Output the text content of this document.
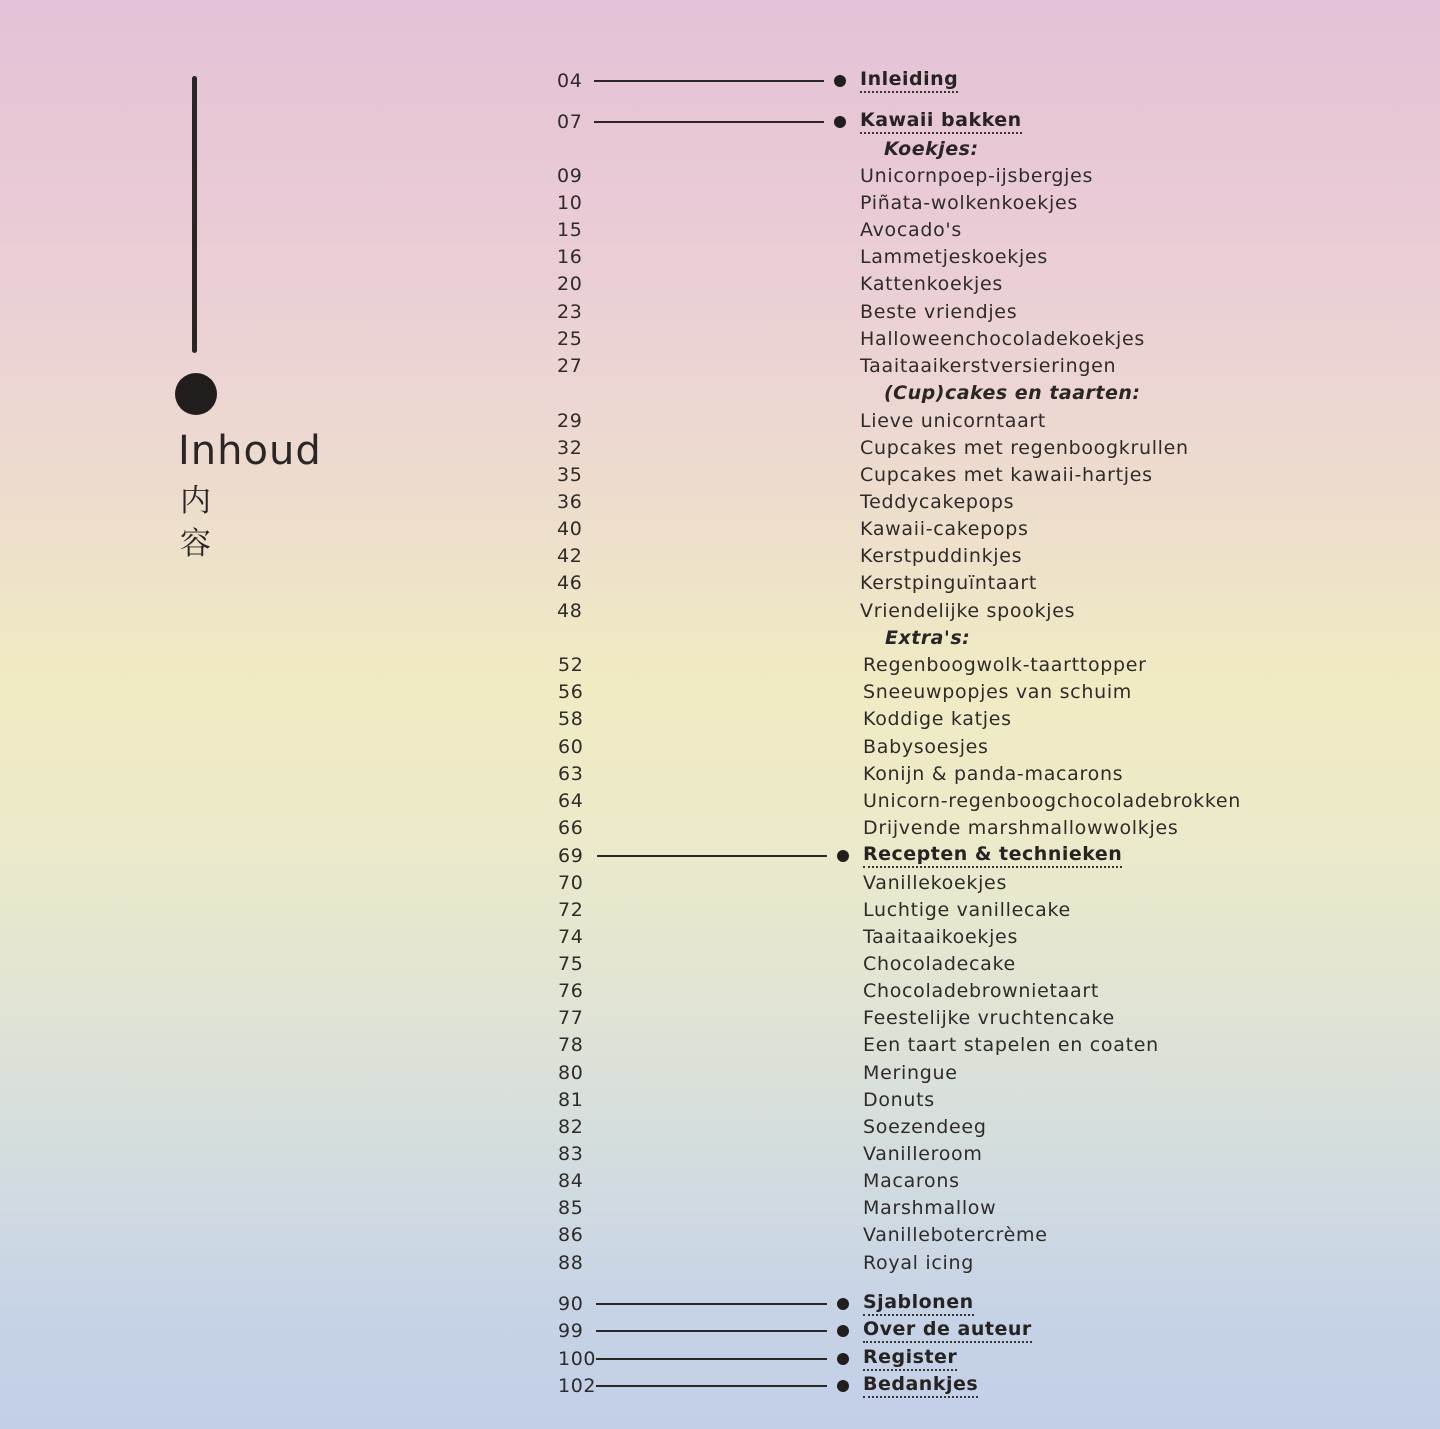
Inhoud
内
容
04	Inleiding
07	Kawaii bakken
Koekjes:
09	Unicornpoep-ijsbergjes
10	Piñata-wolkenkoekjes
15	Avocado's
16	Lammetjeskoekjes
20	Kattenkoekjes
23	Beste vriendjes
25	Halloweenchocoladekoekjes
27	Taaitaaikerstversieringen
(Cup)cakes en taarten:
29	Lieve unicorntaart
32	Cupcakes met regenboogkrullen
35	Cupcakes met kawaii-hartjes
36	Teddycakepops
40	Kawaii-cakepops
42	Kerstpuddinkjes
46	Kerstpinguïntaart
48	Vriendelijke spookjes
Extra's:
52	Regenboogwolk-taarttopper
56	Sneeuwpopjes van schuim
58	Koddige katjes
60	Babysoesjes
63	Konijn & panda-macarons
64	Unicorn-regenboogchocoladebrokken
66	Drijvende marshmallowwolkjes
69	Recepten & technieken
70	Vanillekoekjes
72	Luchtige vanillecake
74	Taaitaaikoekjes
75	Chocoladecake
76	Chocoladebrownietaart
77	Feestelijke vruchtencake
78	Een taart stapelen en coaten
80	Meringue
81	Donuts
82	Soezendeeg
83	Vanilleroom
84	Macarons
85	Marshmallow
86	Vanillebotercrème
88	Royal icing
90	Sjablonen
99	Over de auteur
100	Register
102	Bedankjes
